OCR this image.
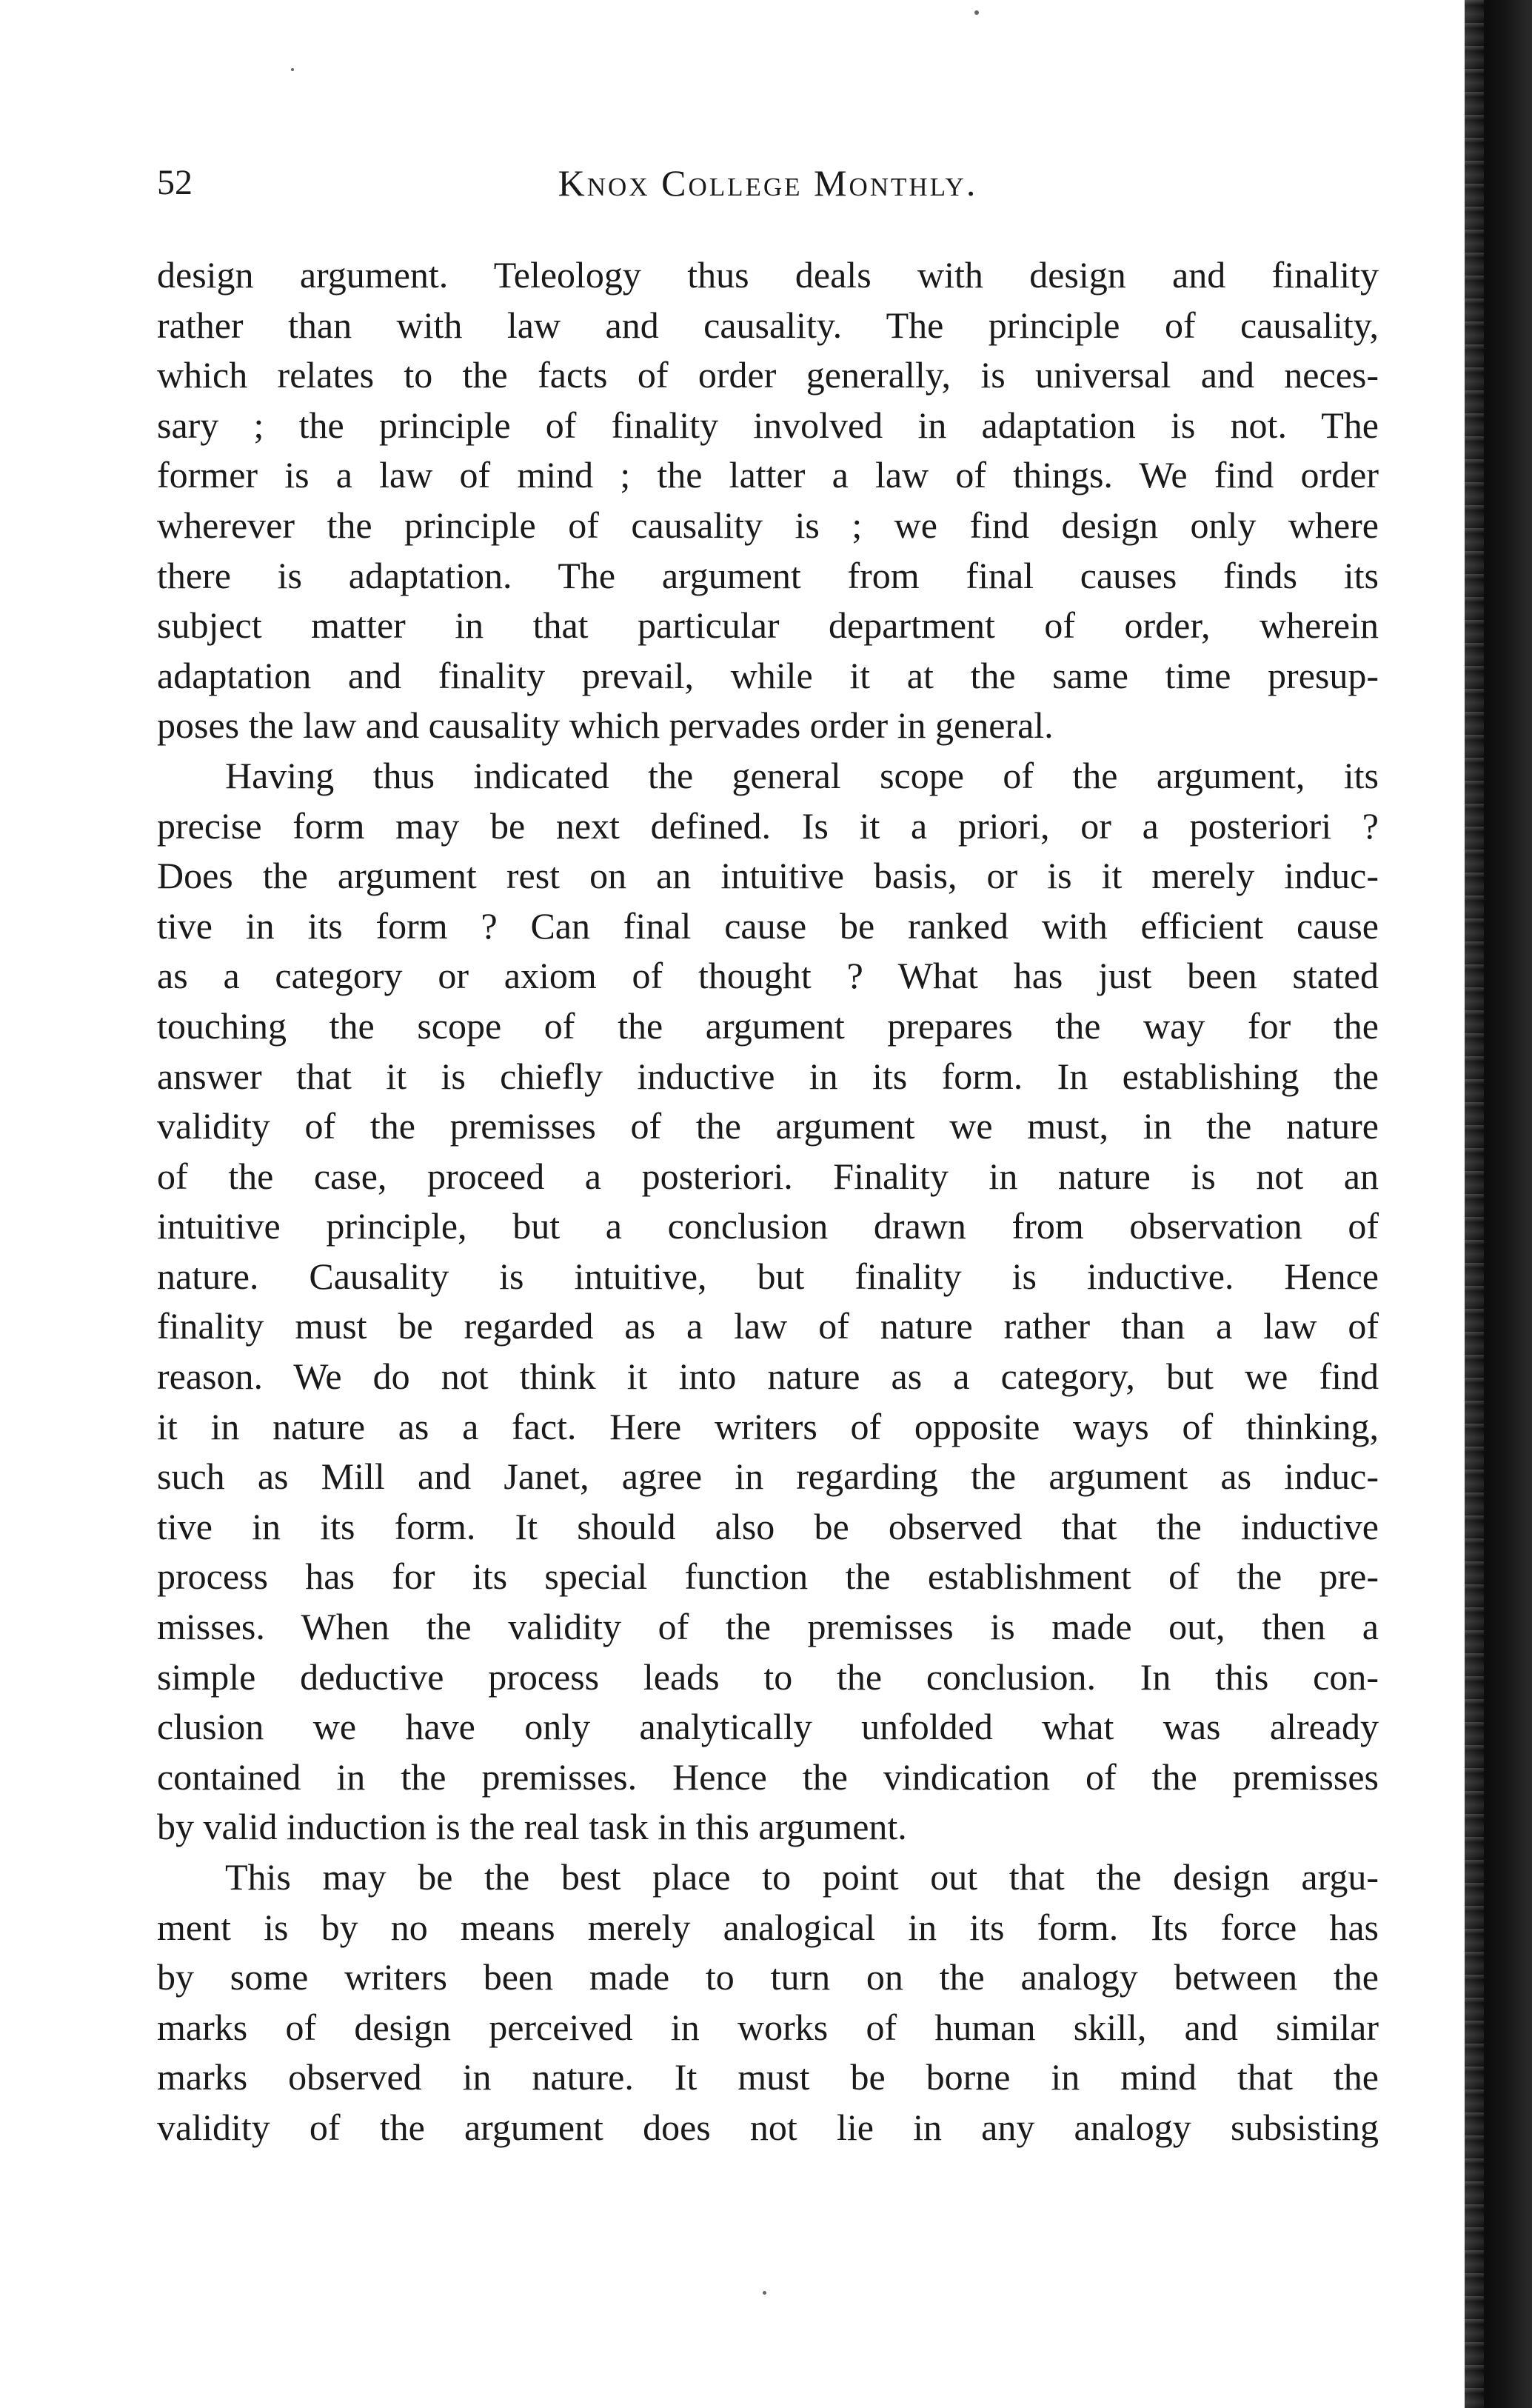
52	Knox College Monthly.
design argument. Teleology thus deals with design and finality
rather than with law and causality. The principle of causality,
which relates to the facts of order generally, is universal and neces-
sary ; the principle of finality involved in adaptation is not. The
former is a law of mind ; the latter a law of things. We find order
wherever the principle of causality is ; we find design only where
there is adaptation. The argument from final causes finds its
subject matter in that particular department of order, wherein
adaptation and finality prevail, while it at the same time presup-
poses the law and causality which pervades order in general.
Having thus indicated the general scope of the argument, its
precise form may be next defined. Is it a priori, or a posteriori ?
Does the argument rest on an intuitive basis, or is it merely induc-
tive in its form ? Can final cause be ranked with efficient cause
as a category or axiom of thought ? What has just been stated
touching the scope of the argument prepares the way for the
answer that it is chiefly inductive in its form. In establishing the
validity of the premisses of the argument we must, in the nature
of the case, proceed a posteriori. Finality in nature is not an
intuitive principle, but a conclusion drawn from observation of
nature. Causality is intuitive, but finality is inductive. Hence
finality must be regarded as a law of nature rather than a law of
reason. We do not think it into nature as a category, but we find
it in nature as a fact. Here writers of opposite ways of thinking,
such as Mill and Janet, agree in regarding the argument as induc-
tive in its form. It should also be observed that the inductive
process has for its special function the establishment of the pre-
misses. When the validity of the premisses is made out, then a
simple deductive process leads to the conclusion. In this con-
clusion we have only analytically unfolded what was already
contained in the premisses. Hence the vindication of the premisses
by valid induction is the real task in this argument.
This may be the best place to point out that the design argu-
ment is by no means merely analogical in its form. Its force has
by some writers been made to turn on the analogy between the
marks of design perceived in works of human skill, and similar
marks observed in nature. It must be borne in mind that the
validity of the argument does not lie in any analogy subsisting
